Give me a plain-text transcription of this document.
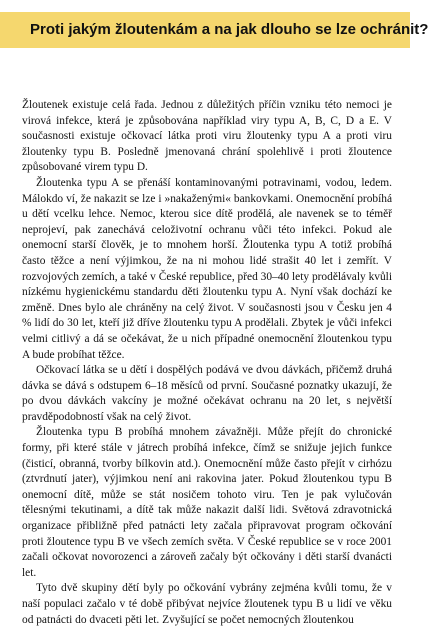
Proti jakým žloutenkám a na jak dlouho se lze ochránit?

Žloutenek existuje celá řada. Jednou z důležitých příčin vzniku této nemoci je virová infekce, která je způsobována například viry typu A, B, C, D a E. V současnosti existuje očkovací látka proti viru žloutenky typu A a proti viru žloutenky typu B. Posledně jmenovaná chrání spolehlivě i proti žloutence způsobované virem typu D.

Žloutenka typu A se přenáší kontaminovanými potravinami, vodou, ledem. Málokdo ví, že nakazit se lze i »nakaženými« bankovkami. Onemocnění probíhá u dětí vcelku lehce. Nemoc, kterou sice dítě prodělá, ale navenek se to téměř neprojeví, pak zanechává celoživotní ochranu vůči této infekci. Pokud ale onemocní starší člověk, je to mnohem horší. Žloutenka typu A totiž probíhá často těžce a není výjimkou, že na ni mohou lidé strašit 40 let i zemřít. V rozvojových zemích, a také v České republice, před 30–40 lety prodělávaly kvůli nízkému hygienickému standardu děti žloutenku typu A. Nyní však dochází ke změně. Dnes bylo ale chráněny na celý život. V současnosti jsou v Česku jen 4 % lidí do 30 let, kteří již dříve žloutenku typu A prodělali. Zbytek je vůči infekci velmi citlivý a dá se očekávat, že u nich případné onemocnění žloutenkou typu A bude probíhat těžce.

Očkovací látka se u dětí i dospělých podává ve dvou dávkách, přičemž druhá dávka se dává s odstupem 6–18 měsíců od první. Současné poznatky ukazují, že po dvou dávkách vakcíny je možné očekávat ochranu na 20 let, s největší pravděpodobností však na celý život.

Žloutenka typu B probíhá mnohem závažněji. Může přejít do chronické formy, při které stále v játrech probíhá infekce, čímž se snižuje jejich funkce (čisticí, obranná, tvorby bílkovin atd.). Onemocnění může často přejít v cirhózu (ztvrdnutí jater), výjimkou není ani rakovina jater. Pokud žloutenkou typu B onemocní dítě, může se stát nosičem tohoto viru. Ten je pak vylučován tělesnými tekutinami, a dítě tak může nakazit další lidi. Světová zdravotnická organizace přibližně před patnácti lety začala připravovat program očkování proti žloutence typu B ve všech zemích světa. V České republice se v roce 2001 začali očkovat novorozenci a zároveň začaly být očkovány i děti starší dvanácti let.

Tyto dvě skupiny dětí byly po očkování vybrány zejména kvůli tomu, že v naší populaci začalo v té době přibývat nejvíce žloutenek typu B u lidí ve věku od patnácti do dvaceti pěti let. Zvyšující se počet nemocných žloutenkou
